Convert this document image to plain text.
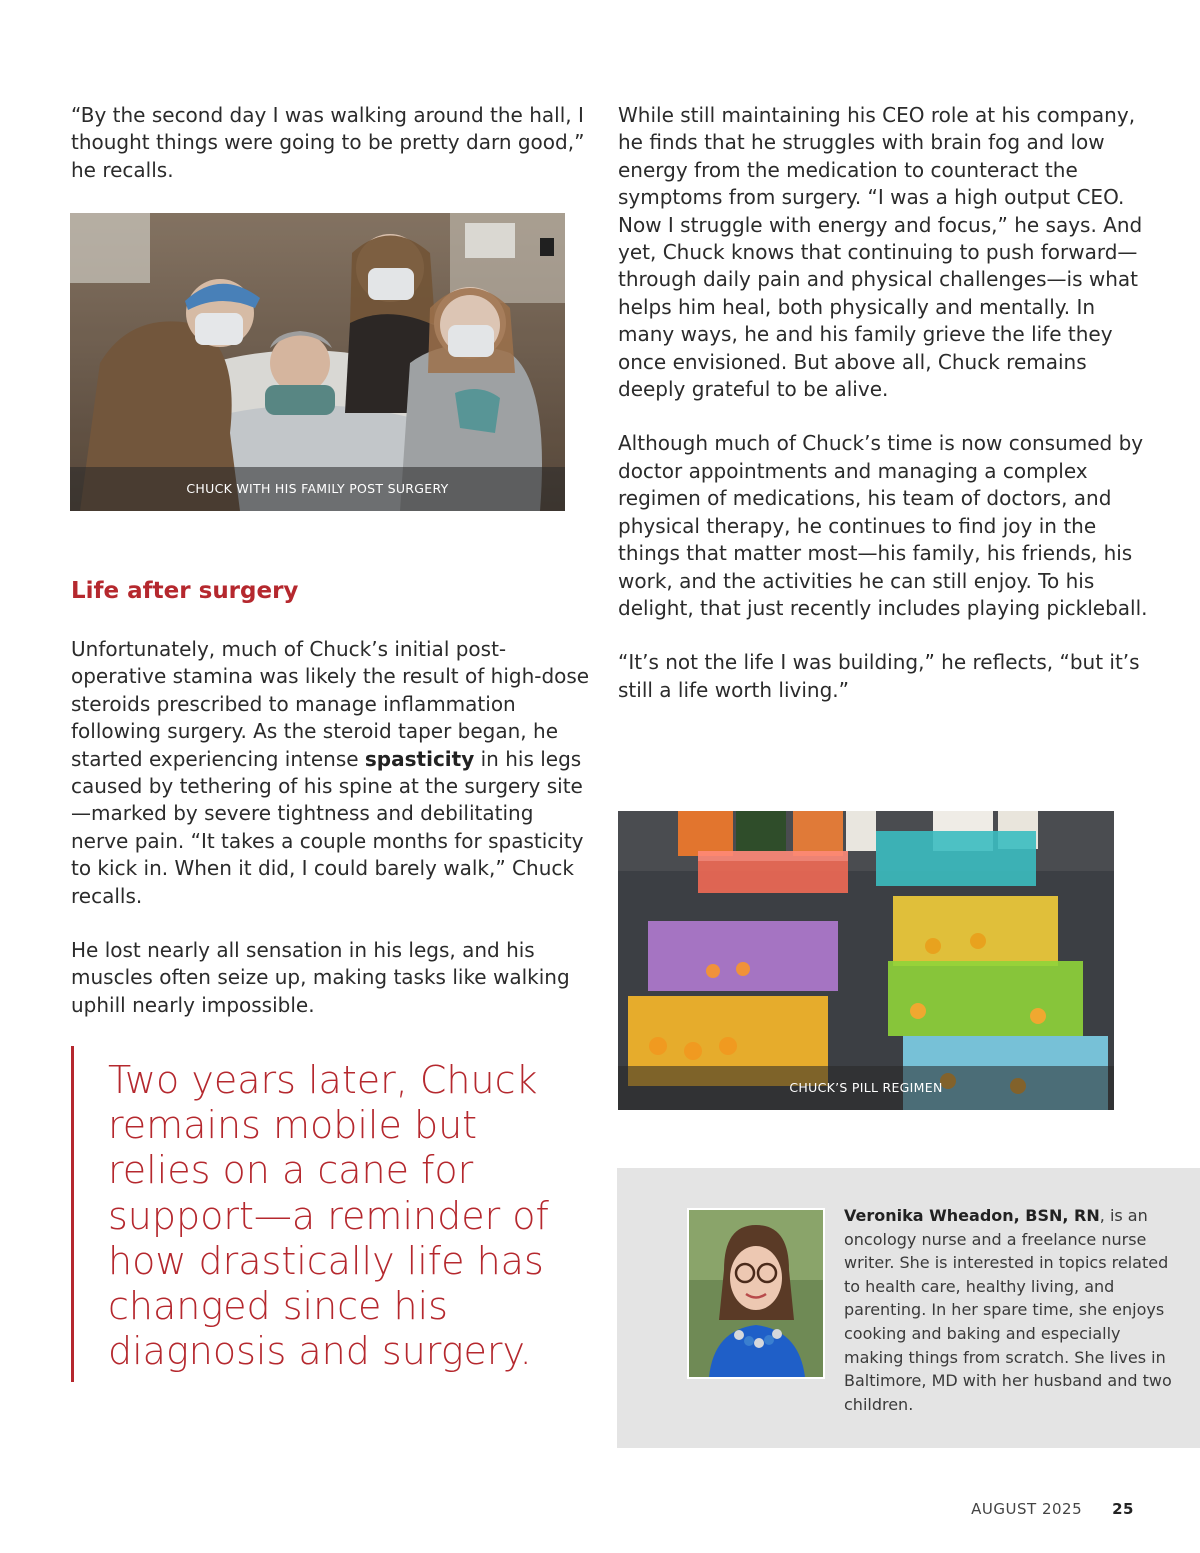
“By the second day I was walking around the hall, I thought things were going to be pretty darn good,” he recalls.

CHUCK WITH HIS FAMILY POST SURGERY
Life after surgery

Unfortunately, much of Chuck’s initial post-operative stamina was likely the result of high-dose steroids prescribed to manage inflammation following surgery. As the steroid taper began, he started experiencing intense spasticity in his legs caused by tethering of his spine at the surgery site —marked by severe tightness and debilitating nerve pain. “It takes a couple months for spasticity to kick in. When it did, I could barely walk,” Chuck recalls.

He lost nearly all sensation in his legs, and his muscles often seize up, making tasks like walking uphill nearly impossible.

Two years later, Chuck remains mobile but relies on a cane for support—a reminder of how drastically life has changed since his diagnosis and surgery.

While still maintaining his CEO role at his company, he finds that he struggles with brain fog and low energy from the medication to counteract the symptoms from surgery. “I was a high output CEO. Now I struggle with energy and focus,” he says. And yet, Chuck knows that continuing to push forward—through daily pain and physical challenges—is what helps him heal, both physically and mentally. In many ways, he and his family grieve the life they once envisioned. But above all, Chuck remains deeply grateful to be alive.

Although much of Chuck’s time is now consumed by doctor appointments and managing a complex regimen of medications, his team of doctors, and physical therapy, he continues to find joy in the things that matter most—his family, his friends, his work, and the activities he can still enjoy. To his delight, that just recently includes playing pickleball.

“It’s not the life I was building,” he reflects, “but it’s still a life worth living.”

CHUCK’S PILL REGIMEN
Veronika Wheadon, BSN, RN, is an oncology nurse and a freelance nurse writer. She is interested in topics related to health care, healthy living, and parenting. In her spare time, she enjoys cooking and baking and especially making things from scratch. She lives in Baltimore, MD with her husband and two children.
AUGUST 2025 25
